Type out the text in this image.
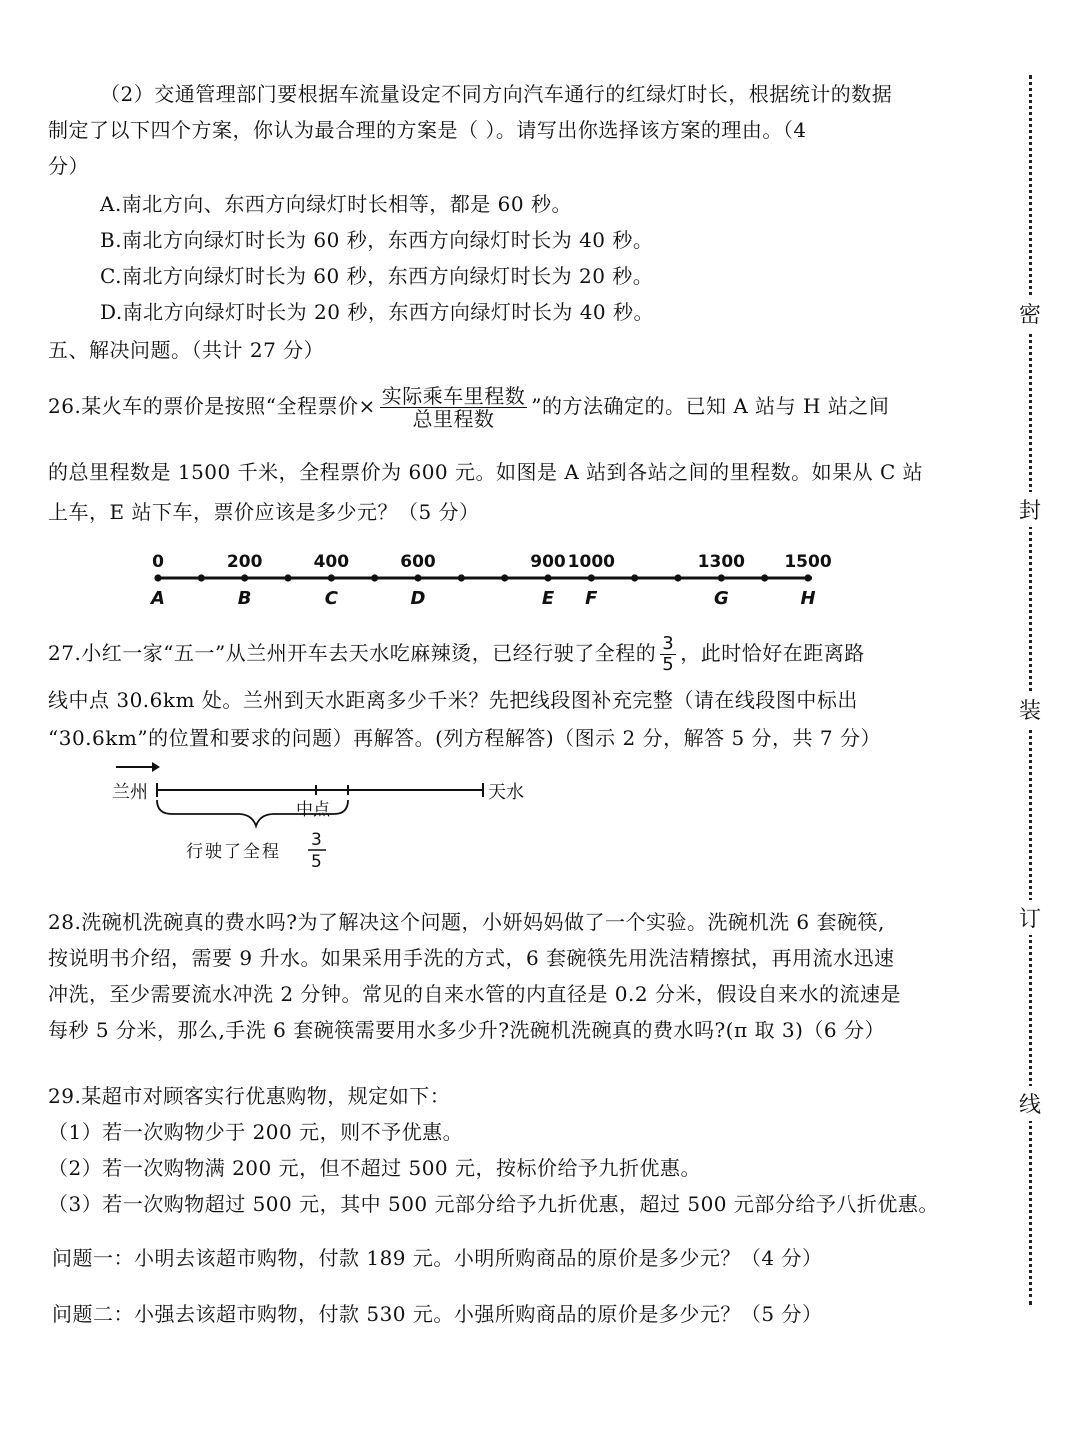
（2）交通管理部门要根据车流量设定不同方向汽车通行的红绿灯时长，根据统计的数据
制定了以下四个方案，你认为最合理的方案是（ ）。请写出你选择该方案的理由。（4
分）
A.南北方向、东西方向绿灯时长相等，都是 60 秒。
B.南北方向绿灯时长为 60 秒，东西方向绿灯时长为 40 秒。
C.南北方向绿灯时长为 60 秒，东西方向绿灯时长为 20 秒。
D.南北方向绿灯时长为 20 秒，东西方向绿灯时长为 40 秒。
五、解决问题。（共计 27 分）
26.某火车的票价是按照“全程票价× $\frac{\text{实际乘车里程数}}{\text{总里程数}}$ ”的方法确定的。已知 A 站与 H 站之间
的总里程数是 1500 千米，全程票价为 600 元。如图是 A 站到各站之间的里程数。如果从 C 站
上车，E 站下车，票价应该是多少元？（5 分）
0	200	400	600	900 1000	1300 1500
A	B	C	D	E F	G	H
27.小红一家“五一”从兰州开车去天水吃麻辣烫，已经行驶了全程的 $\frac{3}{5}$ ，此时恰好在距离路
线中点 30.6km 处。兰州到天水距离多少千米？先把线段图补充完整（请在线段图中标出
“30.6km”的位置和要求的问题）再解答。(列方程解答)（图示 2 分，解答 5 分，共 7 分）
兰州	天水
中点
行驶了全程
3
5
28.洗碗机洗碗真的费水吗?为了解决这个问题，小妍妈妈做了一个实验。洗碗机洗 6 套碗筷,
按说明书介绍，需要 9 升水。如果采用手洗的方式，6 套碗筷先用洗洁精擦拭，再用流水迅速
冲洗，至少需要流水冲洗 2 分钟。常见的自来水管的内直径是 0.2 分米，假设自来水的流速是
每秒 5 分米，那么,手洗 6 套碗筷需要用水多少升?洗碗机洗碗真的费水吗?(π 取 3)（6 分）
29.某超市对顾客实行优惠购物，规定如下：
（1）若一次购物少于 200 元，则不予优惠。
（2）若一次购物满 200 元，但不超过 500 元，按标价给予九折优惠。
（3）若一次购物超过 500 元，其中 500 元部分给予九折优惠，超过 500 元部分给予八折优惠。
问题一：小明去该超市购物，付款 189 元。小明所购商品的原价是多少元？（4 分）
问题二：小强去该超市购物，付款 530 元。小强所购商品的原价是多少元？（5 分）
密
封
装
订
线
